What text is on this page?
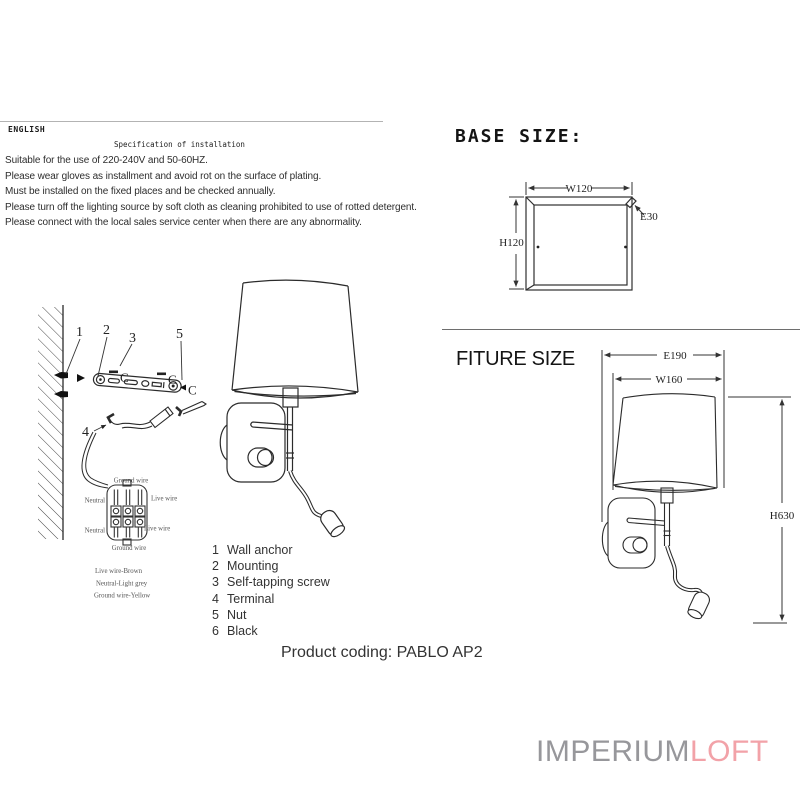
ENGLISH
Specification of installation
Suitable for the use of 220-240V and 50-60HZ.
Please wear gloves as installment and avoid rot on the surface of plating.
Must be installed on the fixed places and be checked annually.
Please turn off the lighting source by soft cloth as cleaning prohibited to use of rotted detergent.
Please connect with the local sales service center when there are any abnormality.
BASE SIZE:
W120
H120
E30
FITURE SIZE	E190
W160
H630
C	C
C
1 2
3	5
4
Ground wire
Neutral	Live wire
Neutral	Live wire
Ground wire
Live wire-Brown
Neutral-Light grey
Ground wire-Yellow
1 Wall anchor
2 Mounting
3 Self-tapping screw
4 Terminal
5 Nut
6 Black
Product coding: PABLO AP2
IMPERIUMLOFT
